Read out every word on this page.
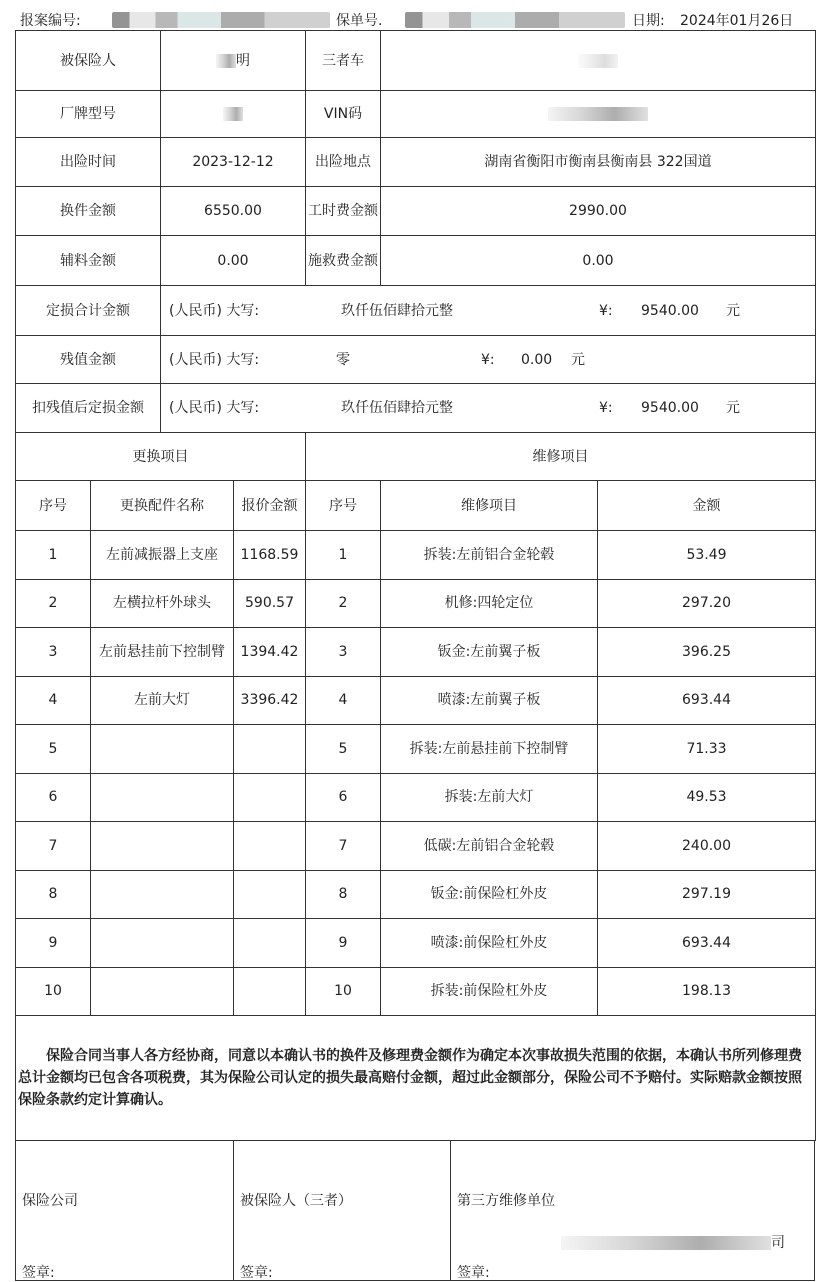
报案编号:	保单号.	日期: 2024年01月26日
被保险人		明		三者车		
厂牌型号				VIN码		
出险时间		2023-12-12		出险地点	湖南省衡阳市衡南县衡南县 322国道	
换件金额		6550.00		工时费金额	2990.00	
辅料金额		0.00		施救费金额	0.00	
定损合计金额		(人民币) 大写: 玖仟伍佰肆拾元整 ¥: 9540.00 元				

残值金额		(人民币) 大写: 零 ¥: 0.00 元				

扣残值后定损金额		(人民币) 大写: 玖仟伍佰肆拾元整 ¥: 9540.00 元				

更换项目				维修项目		
序号	更换配件名称		报价金额	序号	维修项目	金额
1	左前减振器上支座		1168.59	1	拆装:左前铝合金轮毂	53.49
2	左横拉杆外球头		590.57	2	机修:四轮定位	297.20
3	左前悬挂前下控制臂		1394.42	3	钣金:左前翼子板	396.25
4	左前大灯		3396.42	4	喷漆:左前翼子板	693.44
5				5	拆装:左前悬挂前下控制臂	71.33
6				6	拆装:左前大灯	49.53
7				7	低碳:左前铝合金轮毂	240.00
8				8	钣金:前保险杠外皮	297.19
9				9	喷漆:前保险杠外皮	693.44
10				10	拆装:前保险杠外皮	198.13
保险合同当事人各方经协商，同意以本确认书的换件及修理费金额作为确定本次事故损失范围的依据，本确认书所列修理费总计金额均已包含各项税费，其为保险公司认定的损失最高赔付金额，超过此金额部分，保险公司不予赔付。实际赔款金额按照保险条款约定计算确认。						
保险公司
签章:
被保险人（三者）
签章:
第三方维修单位
司
签章:
